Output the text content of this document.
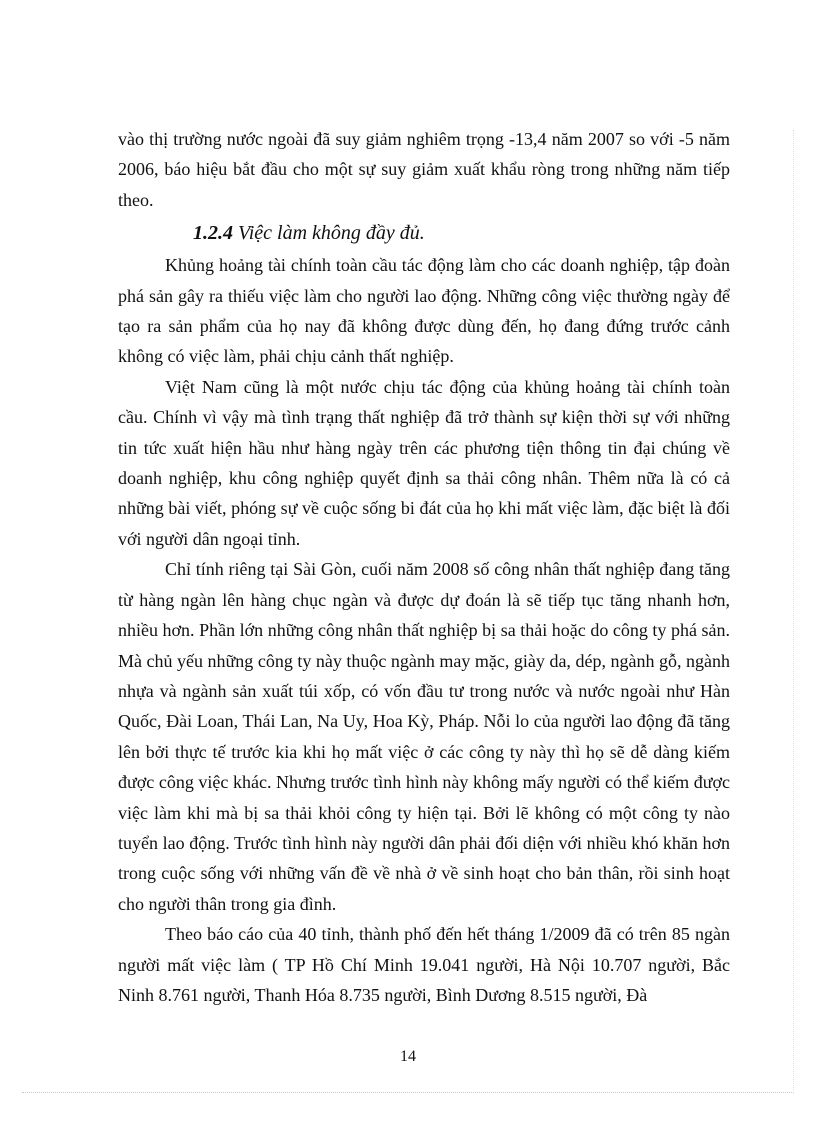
vào thị trường nước ngoài đã suy giảm nghiêm trọng -13,4 năm 2007 so với -5 năm 2006, báo hiệu bắt đầu cho một sự suy giảm xuất khẩu ròng trong những năm tiếp theo.

1.2.4 Việc làm không đầy đủ.

Khủng hoảng tài chính toàn cầu tác động làm cho các doanh nghiệp, tập đoàn phá sản gây ra thiếu việc làm cho người lao động. Những công việc thường ngày để tạo ra sản phẩm của họ nay đã không được dùng đến, họ đang đứng trước cảnh không có việc làm, phải chịu cảnh thất nghiệp.

Việt Nam cũng là một nước chịu tác động của khủng hoảng tài chính toàn cầu. Chính vì vậy mà tình trạng thất nghiệp đã trở thành sự kiện thời sự với những tin tức xuất hiện hầu như hàng ngày trên các phương tiện thông tin đại chúng về doanh nghiệp, khu công nghiệp quyết định sa thải công nhân. Thêm nữa là có cả những bài viết, phóng sự về cuộc sống bi đát của họ khi mất việc làm, đặc biệt là đối với người dân ngoại tỉnh.

Chỉ tính riêng tại Sài Gòn, cuối năm 2008 số công nhân thất nghiệp đang tăng từ hàng ngàn lên hàng chục ngàn và được dự đoán là sẽ tiếp tục tăng nhanh hơn, nhiều hơn. Phần lớn những công nhân thất nghiệp bị sa thải hoặc do công ty phá sản. Mà chủ yếu những công ty này thuộc ngành may mặc, giày da, dép, ngành gỗ, ngành nhựa và ngành sản xuất túi xốp, có vốn đầu tư trong nước và nước ngoài như Hàn Quốc, Đài Loan, Thái Lan, Na Uy, Hoa Kỳ, Pháp. Nỗi lo của người lao động đã tăng lên bởi thực tế trước kia khi họ mất việc ở các công ty này thì họ sẽ dễ dàng kiếm được công việc khác. Nhưng trước tình hình này không mấy người có thể kiếm được việc làm khi mà bị sa thải khỏi công ty hiện tại. Bởi lẽ không có một công ty nào tuyển lao động. Trước tình hình này người dân phải đối diện với nhiều khó khăn hơn trong cuộc sống với những vấn đề về nhà ở về sinh hoạt cho bản thân, rồi sinh hoạt cho người thân trong gia đình.

Theo báo cáo của 40 tỉnh, thành phố đến hết tháng 1/2009 đã có trên 85 ngàn người mất việc làm ( TP Hồ Chí Minh 19.041 người, Hà Nội 10.707 người, Bắc Ninh 8.761 người, Thanh Hóa 8.735 người, Bình Dương 8.515 người, Đà

14
